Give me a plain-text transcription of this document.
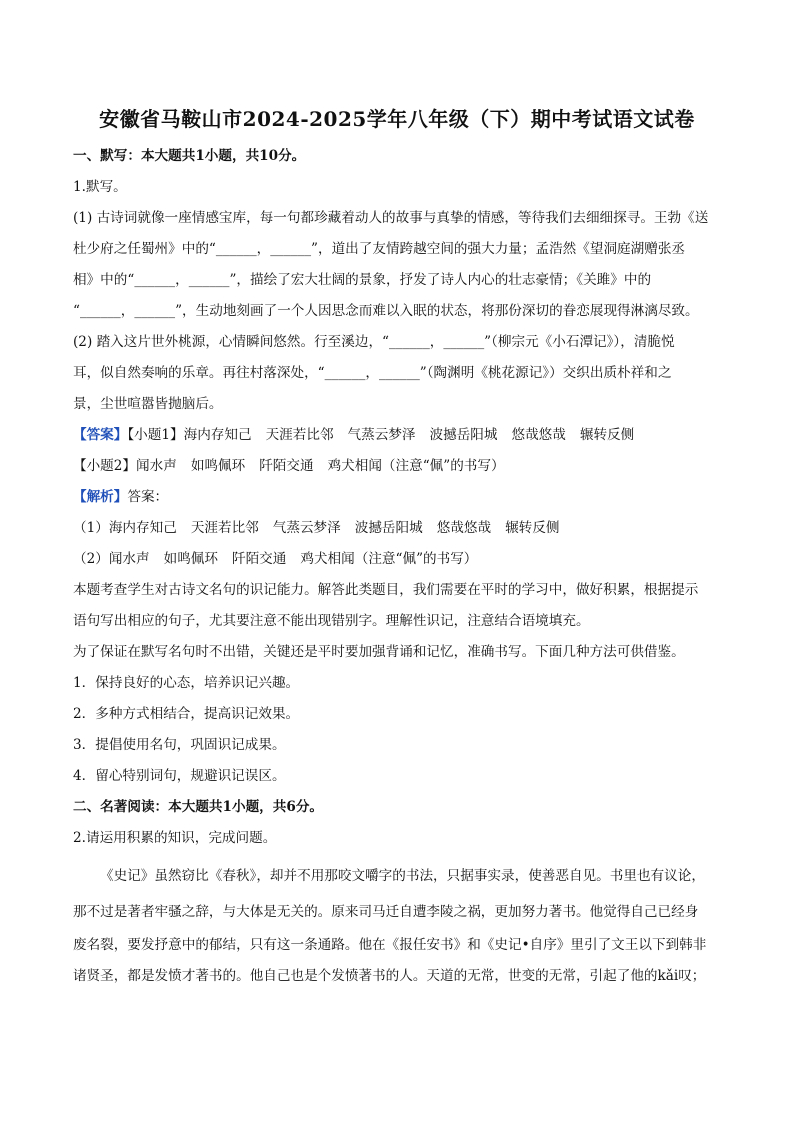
安徽省马鞍山市2024-2025学年八年级（下）期中考试语文试卷
一、默写：本大题共1小题，共10分。
1.默写。
(1) 古诗词就像一座情感宝库，每一句都珍藏着动人的故事与真挚的情感，等待我们去细细探寻。王勃《送
杜少府之任蜀州》中的“______，______”，道出了友情跨越空间的强大力量；孟浩然《望洞庭湖赠张丞
相》中的“______，______”，描绘了宏大壮阔的景象，抒发了诗人内心的壮志豪情；《关雎》中的
“______，______”，生动地刻画了一个人因思念而难以入眠的状态，将那份深切的眷恋展现得淋漓尽致。
(2) 踏入这片世外桃源，心情瞬间悠然。行至溪边，“______，______”（柳宗元《小石潭记》），清脆悦
耳，似自然奏响的乐章。再往村落深处，“______，______”（陶渊明《桃花源记》）交织出质朴祥和之
景，尘世喧嚣皆抛脑后。
【答案】【小题1】海内存知己 天涯若比邻 气蒸云梦泽 波撼岳阳城 悠哉悠哉 辗转反侧
【小题2】闻水声 如鸣佩环 阡陌交通 鸡犬相闻（注意“佩”的书写）
【解析】答案：
（1）海内存知己 天涯若比邻 气蒸云梦泽 波撼岳阳城 悠哉悠哉 辗转反侧
（2）闻水声 如鸣佩环 阡陌交通 鸡犬相闻（注意“佩”的书写）
本题考查学生对古诗文名句的识记能力。解答此类题目，我们需要在平时的学习中，做好积累，根据提示
语句写出相应的句子，尤其要注意不能出现错别字。理解性识记，注意结合语境填充。
为了保证在默写名句时不出错，关键还是平时要加强背诵和记忆，准确书写。下面几种方法可供借鉴。
1．保持良好的心态，培养识记兴趣。
2．多种方式相结合，提高识记效果。
3．提倡使用名句，巩固识记成果。
4．留心特别词句，规避识记误区。
二、名著阅读：本大题共1小题，共6分。
2.请运用积累的知识，完成问题。
《史记》虽然窃比《春秋》，却并不用那咬文嚼字的书法，只据事实录，使善恶自见。书里也有议论，
那不过是著者牢骚之辞，与大体是无关的。原来司马迁自遭李陵之祸，更加努力著书。他觉得自己已经身
废名裂，要发抒意中的郁结，只有这一条通路。他在《报任安书》和《史记•自序》里引了文王以下到韩非
诸贤圣，都是发愤才著书的。他自己也是个发愤著书的人。天道的无常，世变的无常，引起了他的kǎi叹；
